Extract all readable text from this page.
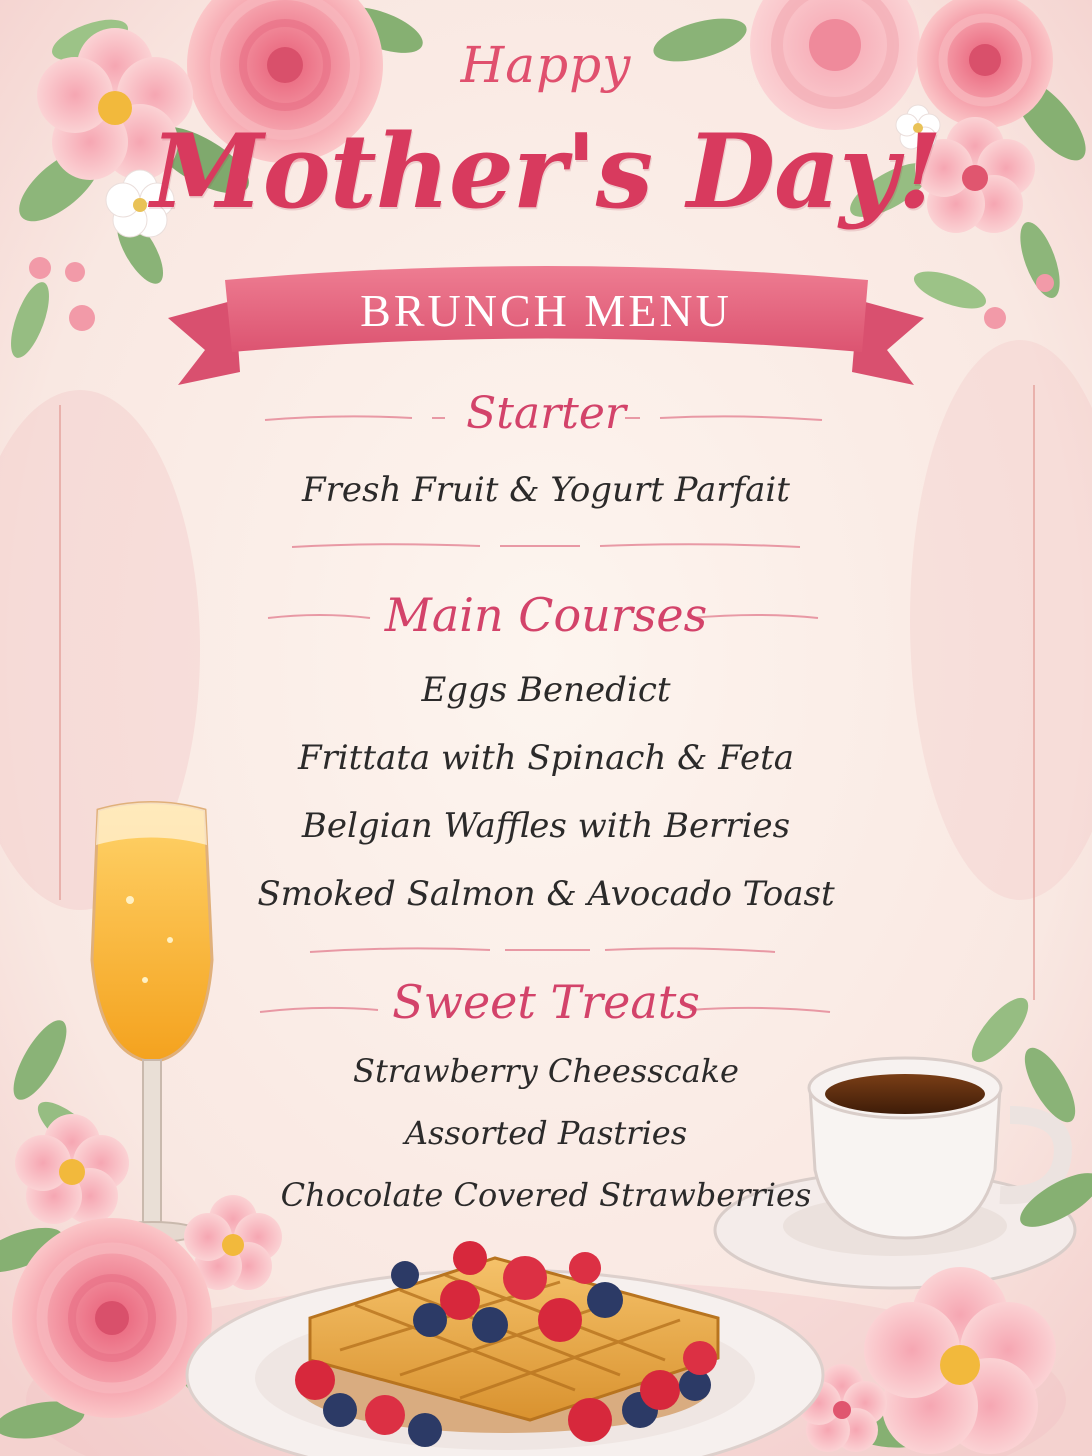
Happy
Mother's Day!
BRUNCH MENU
Starter
Fresh Fruit & Yogurt Parfait
Main Courses
Eggs Benedict
Frittata with Spinach & Feta
Belgian Waffles with Berries
Smoked Salmon & Avocado Toast
Sweet Treats
Strawberry Cheesscake
Assorted Pastries
Chocolate Covered Strawberries
